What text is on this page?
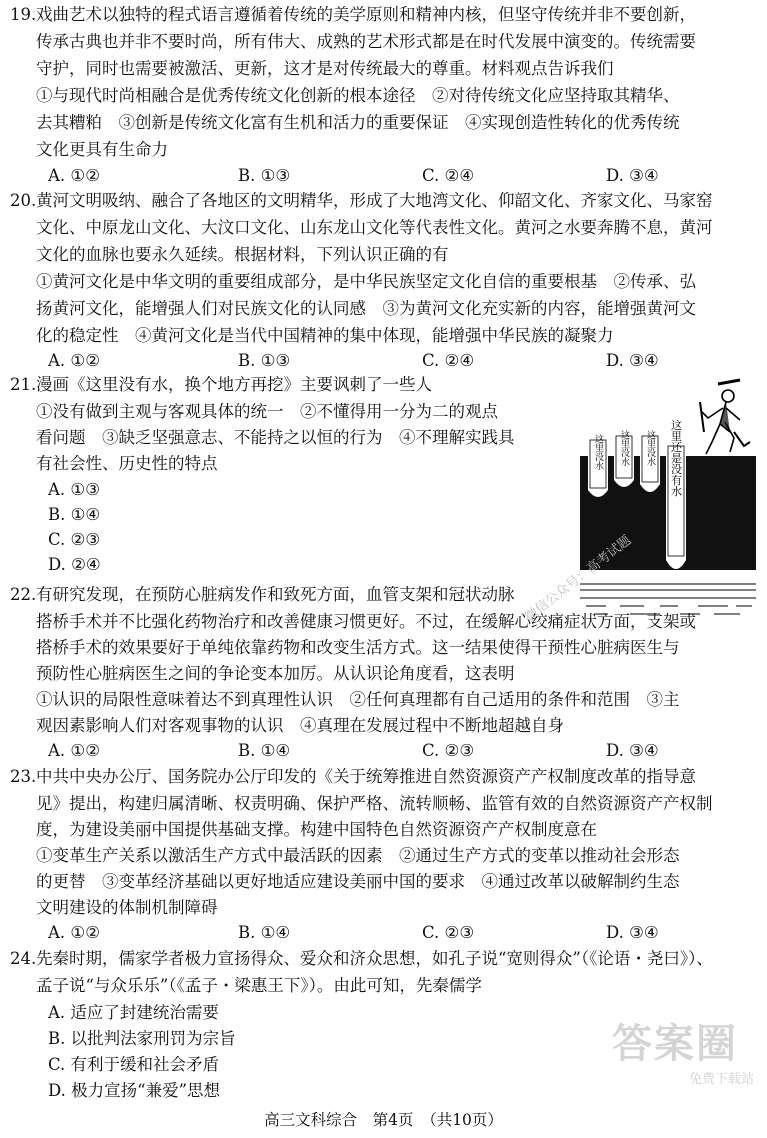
19. 戏曲艺术以独特的程式语言遵循着传统的美学原则和精神内核，但坚守传统并非不要创新，
传承古典也并非不要时尚，所有伟大、成熟的艺术形式都是在时代发展中演变的。传统需要
守护，同时也需要被激活、更新，这才是对传统最大的尊重。材料观点告诉我们
①与现代时尚相融合是优秀传统文化创新的根本途径　②对待传统文化应坚持取其精华、
去其糟粕　③创新是传统文化富有生机和活力的重要保证　④实现创造性转化的优秀传统
文化更具有生命力
A. ①②	B. ①③	C. ②④	D. ③④
20. 黄河文明吸纳、融合了各地区的文明精华，形成了大地湾文化、仰韶文化、齐家文化、马家窑
文化、中原龙山文化、大汶口文化、山东龙山文化等代表性文化。黄河之水要奔腾不息，黄河
文化的血脉也要永久延续。根据材料，下列认识正确的有
①黄河文化是中华文明的重要组成部分，是中华民族坚定文化自信的重要根基　②传承、弘
扬黄河文化，能增强人们对民族文化的认同感　③为黄河文化充实新的内容，能增强黄河文
化的稳定性　④黄河文化是当代中国精神的集中体现，能增强中华民族的凝聚力
A. ①②	B. ①③	C. ②④	D. ③④
21. 漫画《这里没有水，换个地方再挖》主要讽刺了一些人
①没有做到主观与客观具体的统一　②不懂得用一分为二的观点
看问题　③缺乏坚强意志、不能持之以恒的行为　④不理解实践具
有社会性、历史性的特点
A. ①③
B. ①④
C. ②③
D. ②④
这里没水 这里没水 这里没水 这里还是没有水
22. 有研究发现，在预防心脏病发作和致死方面，血管支架和冠状动脉
搭桥手术并不比强化药物治疗和改善健康习惯更好。不过，在缓解心绞痛症状方面，支架或
搭桥手术的效果要好于单纯依靠药物和改变生活方式。这一结果使得干预性心脏病医生与
预防性心脏病医生之间的争论变本加厉。从认识论角度看，这表明
①认识的局限性意味着达不到真理性认识　②任何真理都有自己适用的条件和范围　③主
观因素影响人们对客观事物的认识　④真理在发展过程中不断地超越自身
A. ①②	B. ①④	C. ②③	D. ③④
23. 中共中央办公厅、国务院办公厅印发的《关于统筹推进自然资源资产产权制度改革的指导意
见》提出，构建归属清晰、权责明确、保护严格、流转顺畅、监管有效的自然资源资产产权制
度，为建设美丽中国提供基础支撑。构建中国特色自然资源资产产权制度意在
①变革生产关系以激活生产方式中最活跃的因素　②通过生产方式的变革以推动社会形态
的更替　③变革经济基础以更好地适应建设美丽中国的要求　④通过改革以破解制约生态
文明建设的体制机制障碍
A. ①②	B. ①④	C. ②③	D. ③④
24. 先秦时期，儒家学者极力宣扬得众、爱众和济众思想，如孔子说“宽则得众”（《论语・尧曰》）、
孟子说“与众乐乐”（《孟子・梁惠王下》）。由此可知，先秦儒学
A. 适应了封建统治需要
B. 以批判法家刑罚为宗旨
C. 有利于缓和社会矛盾
D. 极力宣扬“兼爱”思想
微信公众号：高考试题
答案圈
免费下载站
高三文科综合　第4页　（共10页）
